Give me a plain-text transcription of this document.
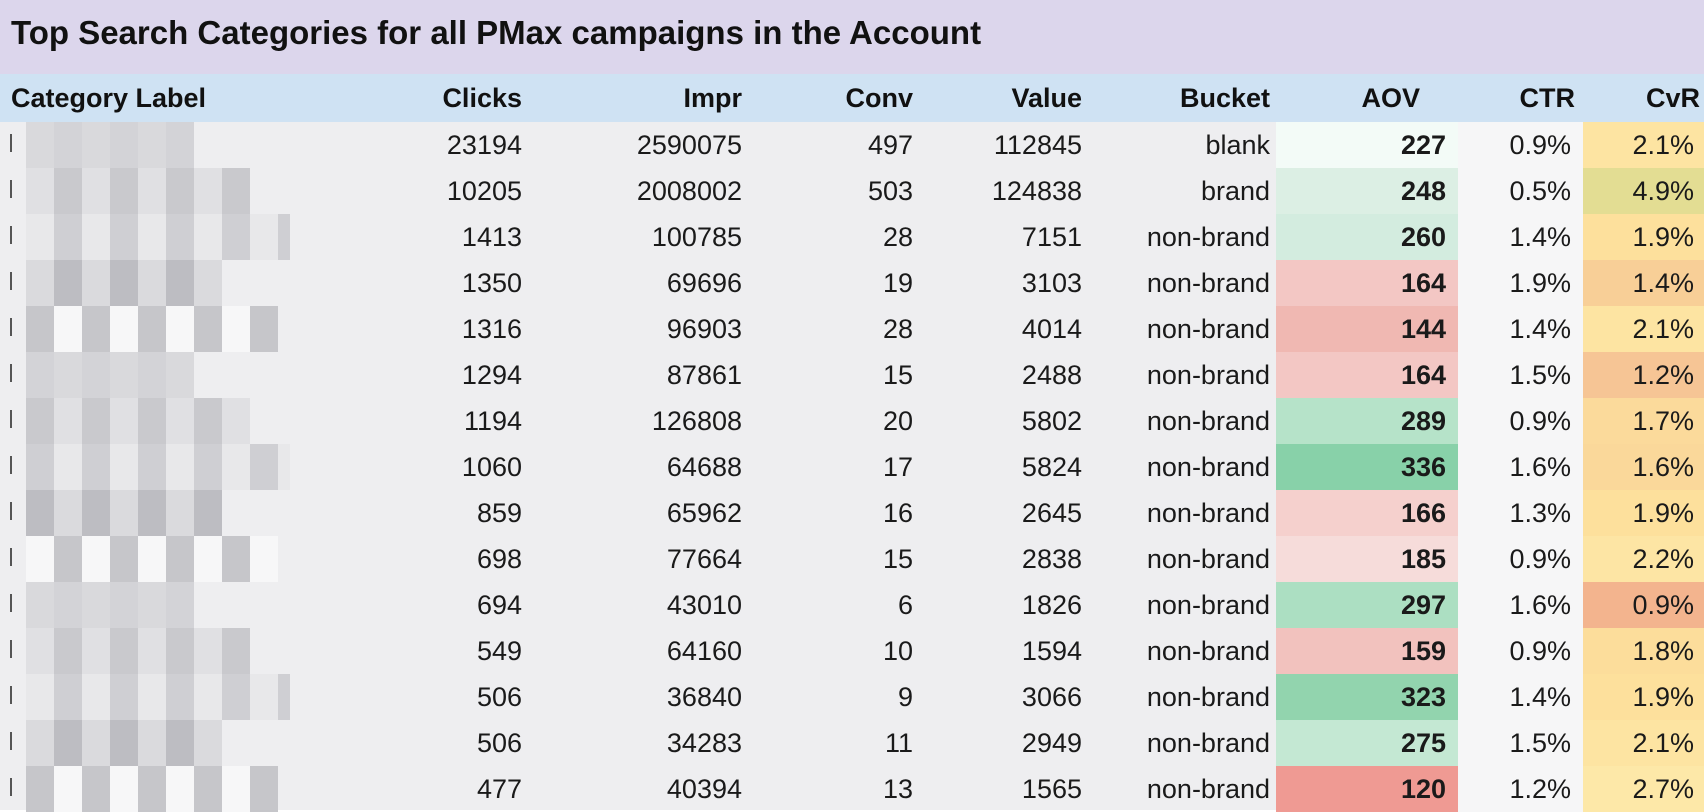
Top Search Categories for all PMax campaigns in the Account
Category Label	Clicks	Impr	Conv	Value	Bucket	AOV	CTR	CvR
23194	2590075	497	112845	blank	227	0.9%	2.1%
10205	2008002	503	124838	brand	248	0.5%	4.9%
1413	100785	28	7151 non-brand	260	1.4%	1.9%
1350	69696	19	3103 non-brand	164	1.9%	1.4%
1316	96903	28	4014 non-brand	144	1.4%	2.1%
1294	87861	15	2488 non-brand	164	1.5%	1.2%
1194	126808	20	5802 non-brand	289	0.9%	1.7%
1060	64688	17	5824 non-brand	336	1.6%	1.6%
859	65962	16	2645 non-brand	166	1.3%	1.9%
698	77664	15	2838 non-brand	185	0.9%	2.2%
694	43010	6	1826 non-brand	297	1.6%	0.9%
549	64160	10	1594 non-brand	159	0.9%	1.8%
506	36840	9	3066 non-brand	323	1.4%	1.9%
506	34283	11	2949 non-brand	275	1.5%	2.1%
477	40394	13	1565 non-brand	120	1.2%	2.7%
